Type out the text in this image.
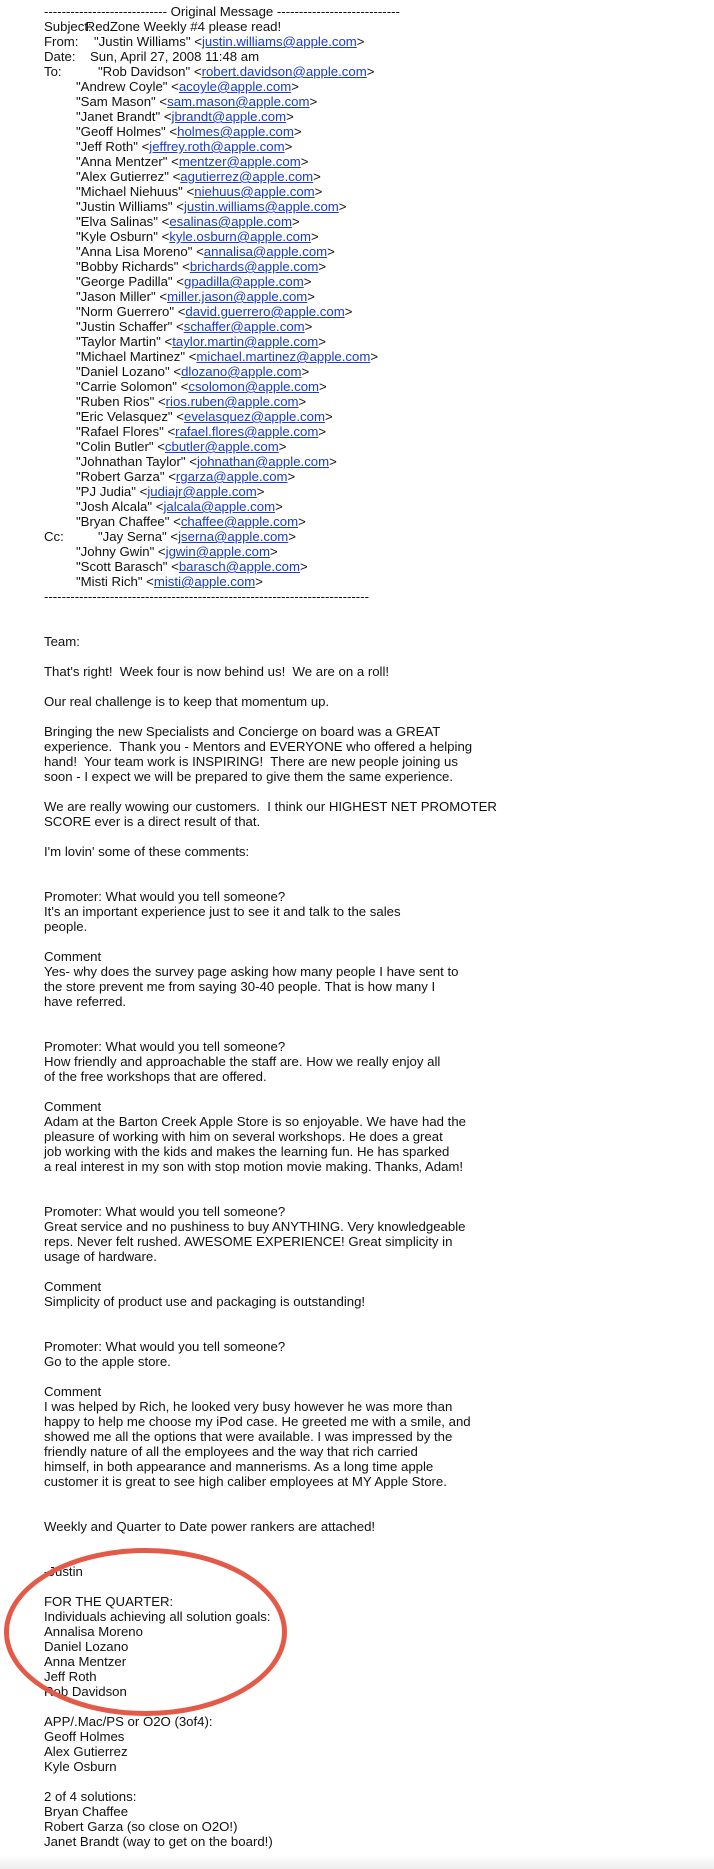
---------------------------- Original Message ----------------------------
Subject: RedZone Weekly #4 please read!
From: "Justin Williams" <justin.williams@apple.com>
Date: Sun, April 27, 2008 11:48 am
To:	"Rob Davidson" <robert.davidson@apple.com>
"Andrew Coyle" <acoyle@apple.com>
"Sam Mason" <sam.mason@apple.com>
"Janet Brandt" <jbrandt@apple.com>
"Geoff Holmes" <holmes@apple.com>
"Jeff Roth" <jeffrey.roth@apple.com>
"Anna Mentzer" <mentzer@apple.com>
"Alex Gutierrez" <agutierrez@apple.com>
"Michael Niehuus" <niehuus@apple.com>
"Justin Williams" <justin.williams@apple.com>
"Elva Salinas" <esalinas@apple.com>
"Kyle Osburn" <kyle.osburn@apple.com>
"Anna Lisa Moreno" <annalisa@apple.com>
"Bobby Richards" <brichards@apple.com>
"George Padilla" <gpadilla@apple.com>
"Jason Miller" <miller.jason@apple.com>
"Norm Guerrero" <david.guerrero@apple.com>
"Justin Schaffer" <schaffer@apple.com>
"Taylor Martin" <taylor.martin@apple.com>
"Michael Martinez" <michael.martinez@apple.com>
"Daniel Lozano" <dlozano@apple.com>
"Carrie Solomon" <csolomon@apple.com>
"Ruben Rios" <rios.ruben@apple.com>
"Eric Velasquez" <evelasquez@apple.com>
"Rafael Flores" <rafael.flores@apple.com>
"Colin Butler" <cbutler@apple.com>
"Johnathan Taylor" <johnathan@apple.com>
"Robert Garza" <rgarza@apple.com>
"PJ Judia" <judiajr@apple.com>
"Josh Alcala" <jalcala@apple.com>
"Bryan Chaffee" <chaffee@apple.com>
Cc:	"Jay Serna" <jserna@apple.com>
"Johny Gwin" <jgwin@apple.com>
"Scott Barasch" <barasch@apple.com>
"Misti Rich" <misti@apple.com>
--------------------------------------------------------------------------
Team:
That's right!  Week four is now behind us!  We are on a roll!
Our real challenge is to keep that momentum up.
Bringing the new Specialists and Concierge on board was a GREAT
experience.  Thank you - Mentors and EVERYONE who offered a helping
hand!  Your team work is INSPIRING!  There are new people joining us
soon - I expect we will be prepared to give them the same experience.
We are really wowing our customers.  I think our HIGHEST NET PROMOTER
SCORE ever is a direct result of that.
I'm lovin' some of these comments:
Promoter: What would you tell someone?
It's an important experience just to see it and talk to the sales
people.
Comment
Yes- why does the survey page asking how many people I have sent to
the store prevent me from saying 30-40 people. That is how many I
have referred.
Promoter: What would you tell someone?
How friendly and approachable the staff are. How we really enjoy all
of the free workshops that are offered.
Comment
Adam at the Barton Creek Apple Store is so enjoyable. We have had the
pleasure of working with him on several workshops. He does a great
job working with the kids and makes the learning fun. He has sparked
a real interest in my son with stop motion movie making. Thanks, Adam!
Promoter: What would you tell someone?
Great service and no pushiness to buy ANYTHING. Very knowledgeable
reps. Never felt rushed. AWESOME EXPERIENCE! Great simplicity in
usage of hardware.
Comment
Simplicity of product use and packaging is outstanding!
Promoter: What would you tell someone?
Go to the apple store.
Comment
I was helped by Rich, he looked very busy however he was more than
happy to help me choose my iPod case. He greeted me with a smile, and
showed me all the options that were available. I was impressed by the
friendly nature of all the employees and the way that rich carried
himself, in both appearance and mannerisms. As a long time apple
customer it is great to see high caliber employees at MY Apple Store.
Weekly and Quarter to Date power rankers are attached!
-Justin
FOR THE QUARTER:
Individuals achieving all solution goals:
Annalisa Moreno
Daniel Lozano
Anna Mentzer
Jeff Roth
Rob Davidson
APP/.Mac/PS or O2O (3of4):
Geoff Holmes
Alex Gutierrez
Kyle Osburn
2 of 4 solutions:
Bryan Chaffee
Robert Garza (so close on O2O!)
Janet Brandt (way to get on the board!)
